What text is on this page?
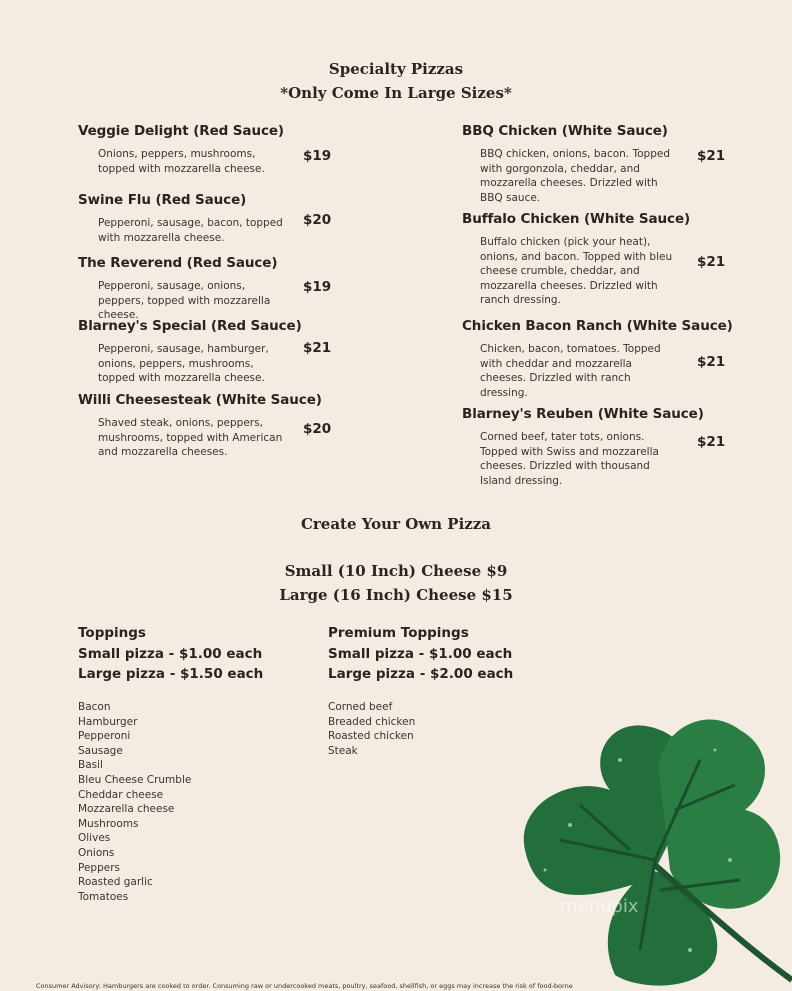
Specialty Pizzas
*Only Come In Large Sizes*
Veggie Delight (Red Sauce)
Onions, peppers, mushrooms, topped with mozzarella cheese.
$19
Swine Flu (Red Sauce)
Pepperoni, sausage, bacon, topped with mozzarella cheese.
$20
The Reverend (Red Sauce)
Pepperoni, sausage, onions, peppers, topped with mozzarella cheese.
$19
Blarney's Special (Red Sauce)
Pepperoni, sausage, hamburger, onions, peppers, mushrooms, topped with mozzarella cheese.
$21
Willi Cheesesteak (White Sauce)
Shaved steak, onions, peppers, mushrooms, topped with American and mozzarella cheeses.
$20
BBQ Chicken (White Sauce)
BBQ chicken, onions, bacon. Topped with gorgonzola, cheddar, and mozzarella cheeses. Drizzled with BBQ sauce.
$21
Buffalo Chicken (White Sauce)
Buffalo chicken (pick your heat), onions, and bacon. Topped with bleu cheese crumble, cheddar, and mozzarella cheeses. Drizzled with ranch dressing.
$21
Chicken Bacon Ranch (White Sauce)
Chicken, bacon, tomatoes. Topped with cheddar and mozzarella cheeses. Drizzled with ranch dressing.
$21
Blarney's Reuben (White Sauce)
Corned beef, tater tots, onions. Topped with Swiss and mozzarella cheeses. Drizzled with thousand Island dressing.
$21
Create Your Own Pizza
Small (10 Inch) Cheese $9
Large (16 Inch) Cheese $15
Toppings
Small pizza - $1.00 each
Large pizza - $1.50 each
Premium Toppings
Small pizza - $1.00 each
Large pizza - $2.00 each
Bacon
Hamburger
Pepperoni
Sausage
Basil
Bleu Cheese Crumble
Cheddar cheese
Mozzarella cheese
Mushrooms
Olives
Onions
Peppers
Roasted garlic
Tomatoes
Corned beef
Breaded chicken
Roasted chicken
Steak
menupix
Consumer Advisory: Hamburgers are cooked to order. Consuming raw or undercooked meats, poultry, seafood, shellfish, or eggs may increase the risk of food-borne
